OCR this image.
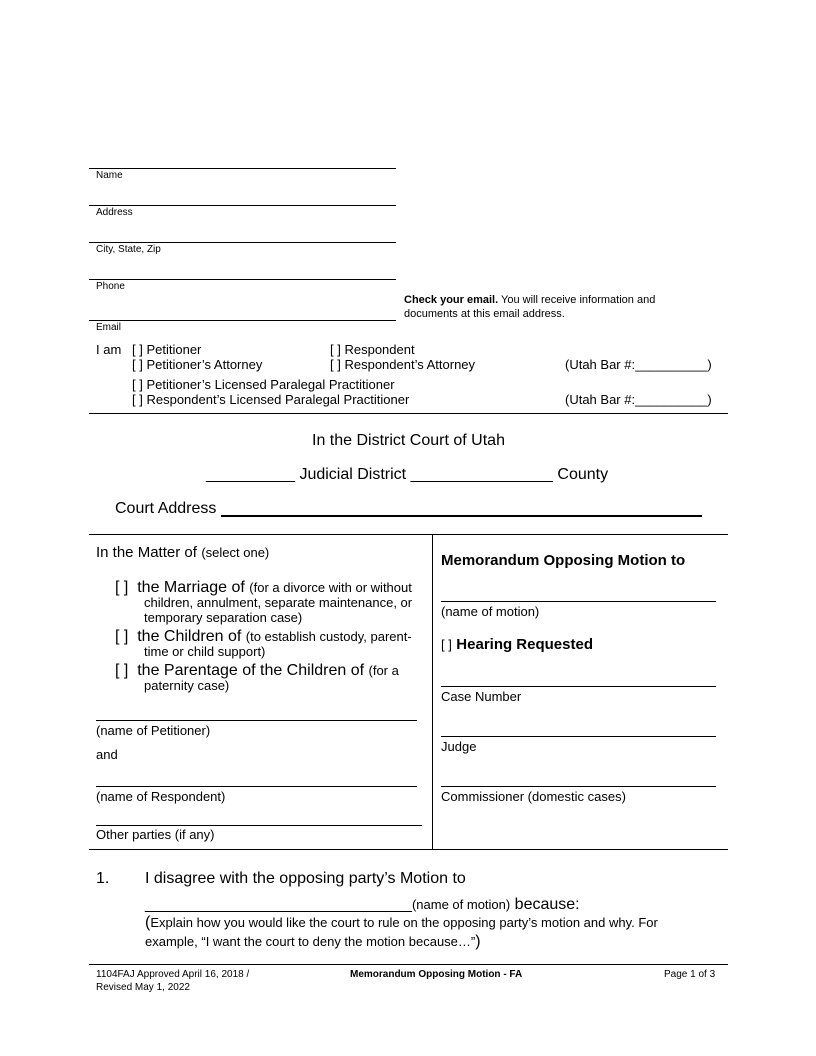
Name
Address
City, State, Zip
Phone
Check your email. You will receive information and
documents at this email address.
Email
I am [ ] Petitioner	[ ] Respondent
[ ] Petitioner’s Attorney	[ ] Respondent’s Attorney	(Utah Bar #:__________)
[ ] Petitioner’s Licensed Paralegal Practitioner
[ ] Respondent’s Licensed Paralegal Practitioner	(Utah Bar #:__________)
In the District Court of Utah
__________ Judicial District ________________ County
Court Address
In the Matter of (select one)
[ ] the Marriage of (for a divorce with or without
children, annulment, separate maintenance, or
temporary separation case)
[ ] the Children of (to establish custody, parent-
time or child support)
[ ] the Parentage of the Children of (for a
paternity case)
(name of Petitioner)
and
(name of Respondent)
Other parties (if any)
Memorandum Opposing Motion to
(name of motion)
[ ] Hearing Requested
Case Number
Judge
Commissioner (domestic cases)
1. I disagree with the opposing party’s Motion to
______________________________(name of motion) because:
(Explain how you would like the court to rule on the opposing party’s motion and why. For
example, “I want the court to deny the motion because…”)
1104FAJ Approved April 16, 2018 /
Revised May 1, 2022
Memorandum Opposing Motion - FA	Page 1 of 3
